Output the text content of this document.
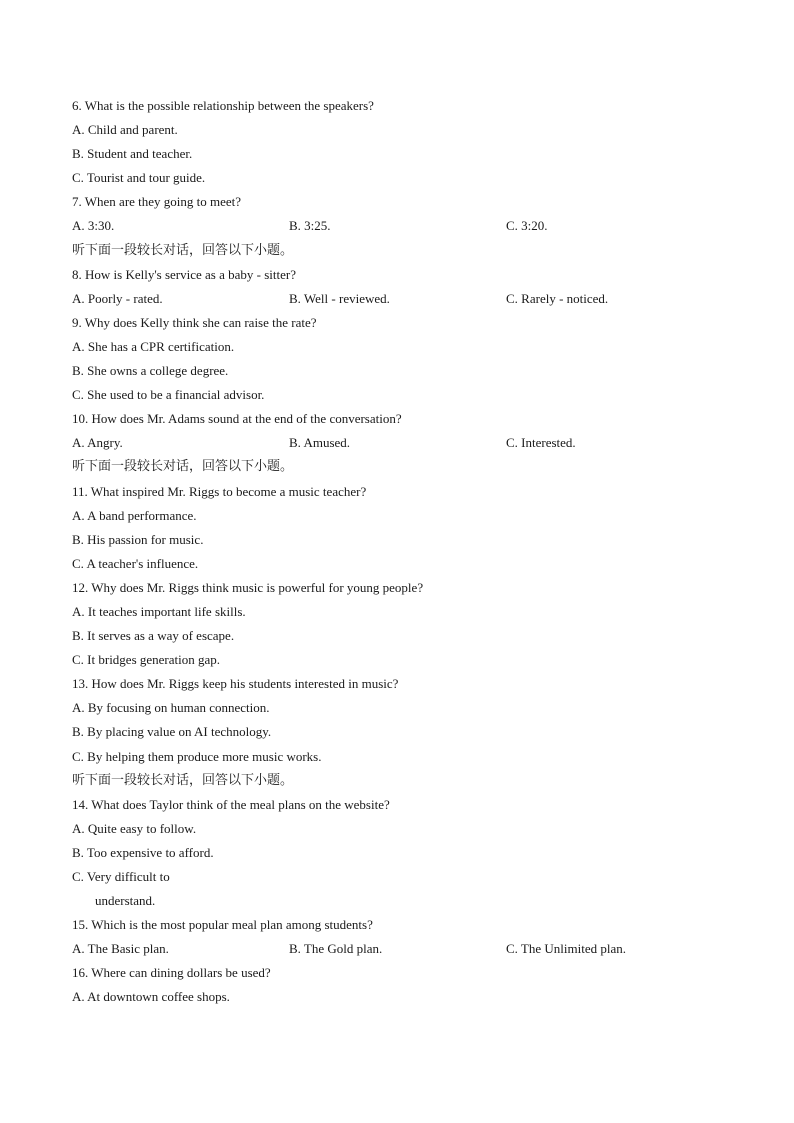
6. What is the possible relationship between the speakers?
A. Child and parent.
B. Student and teacher.
C. Tourist and tour guide.
7. When are they going to meet?
A. 3:30.	B. 3:25.	C. 3:20.
听下面一段较长对话，回答以下小题。
8. How is Kelly's service as a baby - sitter?
A. Poorly - rated.	B. Well - reviewed.	C. Rarely - noticed.
9. Why does Kelly think she can raise the rate?
A. She has a CPR certification.
B. She owns a college degree.
C. She used to be a financial advisor.
10. How does Mr. Adams sound at the end of the conversation?
A. Angry.	B. Amused.	C. Interested.
听下面一段较长对话，回答以下小题。
11. What inspired Mr. Riggs to become a music teacher?
A. A band performance.
B. His passion for music.
C. A teacher's influence.
12. Why does Mr. Riggs think music is powerful for young people?
A. It teaches important life skills.
B. It serves as a way of escape.
C. It bridges generation gap.
13. How does Mr. Riggs keep his students interested in music?
A. By focusing on human connection.
B. By placing value on AI technology.
C. By helping them produce more music works.
听下面一段较长对话，回答以下小题。
14. What does Taylor think of the meal plans on the website?
A. Quite easy to follow.
B. Too expensive to afford.
C. Very difficult to
understand.
15. Which is the most popular meal plan among students?
A. The Basic plan.	B. The Gold plan.	C. The Unlimited plan.
16. Where can dining dollars be used?
A. At downtown coffee shops.
